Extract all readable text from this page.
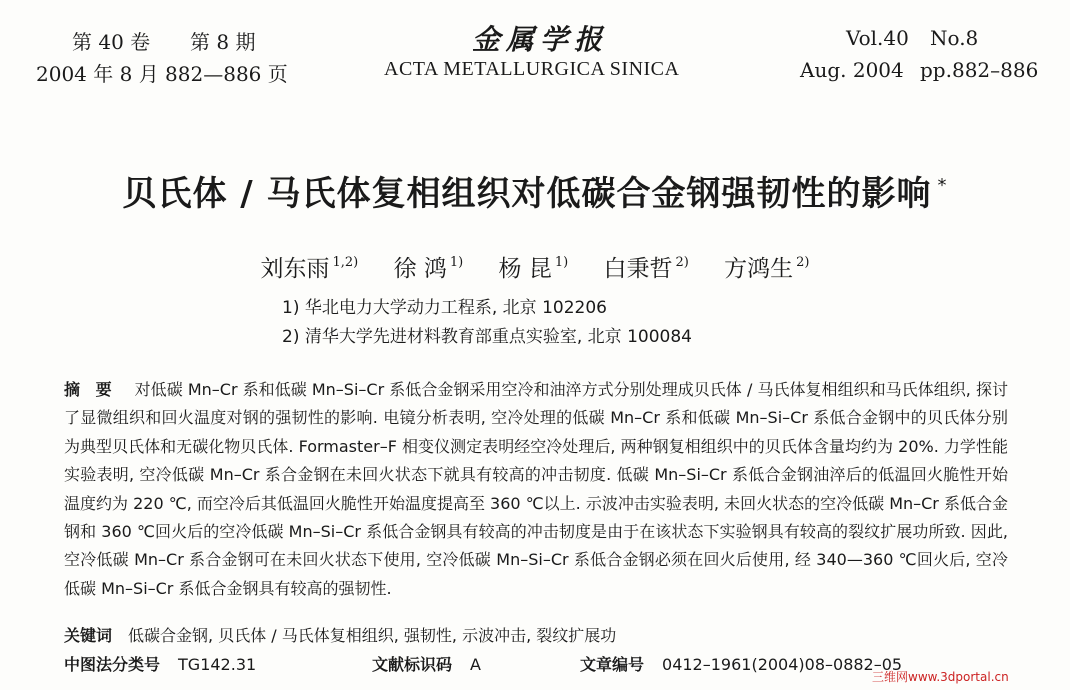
第 40 卷 第 8 期
2004 年 8 月 882—886 页
金属学报
ACTA METALLURGICA SINICA
Vol.40 No.8
Aug. 2004 pp.882–886
贝氏体 / 马氏体复相组织对低碳合金钢强韧性的影响 *
刘东雨 $^{1,2)}$ 徐 鸿 $^{1)}$ 杨 昆 $^{1)}$ 白秉哲 $^{2)}$ 方鸿生 $^{2)}$
1) 华北电力大学动力工程系, 北京 102206
2) 清华大学先进材料教育部重点实验室, 北京 100084
摘 要 对低碳 Mn–Cr 系和低碳 Mn–Si–Cr 系低合金钢采用空冷和油淬方式分别处理成贝氏体 / 马氏体复相组织和马氏体组织, 探讨了显微组织和回火温度对钢的强韧性的影响. 电镜分析表明, 空冷处理的低碳 Mn–Cr 系和低碳 Mn–Si–Cr 系低合金钢中的贝氏体分别为典型贝氏体和无碳化物贝氏体. Formaster–F 相变仪测定表明经空冷处理后, 两种钢复相组织中的贝氏体含量均约为 20%. 力学性能实验表明, 空冷低碳 Mn–Cr 系合金钢在未回火状态下就具有较高的冲击韧度. 低碳 Mn–Si–Cr 系低合金钢油淬后的低温回火脆性开始温度约为 220 ℃, 而空冷后其低温回火脆性开始温度提高至 360 ℃以上. 示波冲击实验表明, 未回火状态的空冷低碳 Mn–Cr 系低合金钢和 360 ℃回火后的空冷低碳 Mn–Si–Cr 系低合金钢具有较高的冲击韧度是由于在该状态下实验钢具有较高的裂纹扩展功所致. 因此, 空冷低碳 Mn–Cr 系合金钢可在未回火状态下使用, 空冷低碳 Mn–Si–Cr 系低合金钢必须在回火后使用, 经 340—360 ℃回火后, 空冷低碳 Mn–Si–Cr 系低合金钢具有较高的强韧性.
关键词 低碳合金钢, 贝氏体 / 马氏体复相组织, 强韧性, 示波冲击, 裂纹扩展功
中图法分类号 TG142.31	文献标识码 A	文章编号 0412–1961(2004)08–0882–05
三维网www.3dportal.cn
